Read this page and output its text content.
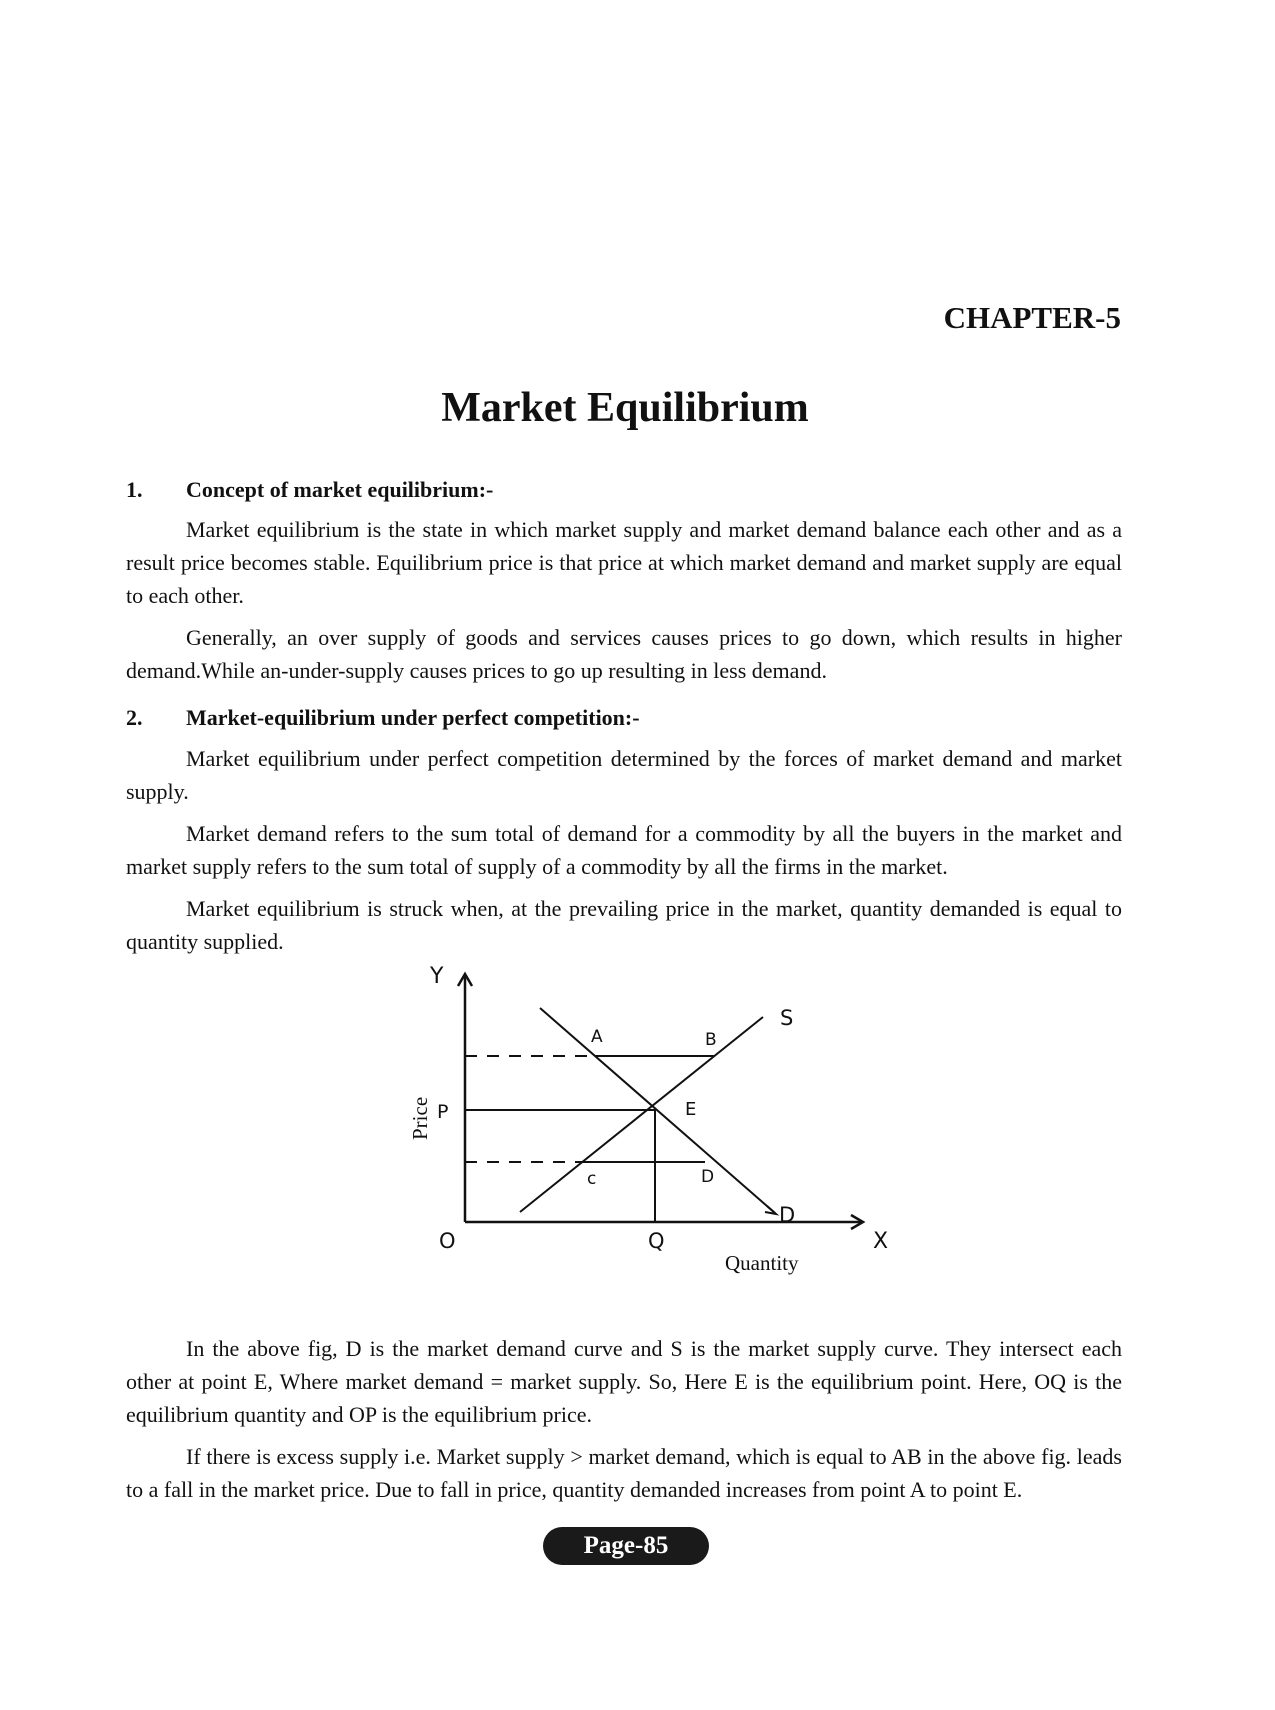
CHAPTER-5
Market Equilibrium
1.	Concept of market equilibrium:-

Market equilibrium is the state in which market supply and market demand balance each other and as a result price becomes stable. Equilibrium price is that price at which market demand and market supply are equal to each other.

Generally, an over supply of goods and services causes prices to go down, which results in higher demand.While an-under-supply causes prices to go up resulting in less demand.

2.	Market-equilibrium under perfect competition:-

Market equilibrium under perfect competition determined by the forces of market demand and market supply.

Market demand refers to the sum total of demand for a commodity by all the buyers in the market and market supply refers to the sum total of supply of a commodity by all the firms in the market.

Market equilibrium is struck when, at the prevailing price in the market, quantity demanded is equal to quantity supplied.

Y
X
O	Q
P
A	B
c	D
E
S
D
Quantity
Price

In the above fig, D is the market demand curve and S is the market supply curve. They intersect each other at point E, Where market demand = market supply. So, Here E is the equilibrium point. Here, OQ is the equilibrium quantity and OP is the equilibrium price.

If there is excess supply i.e. Market supply > market demand, which is equal to AB in the above fig. leads to a fall in the market price. Due to fall in price, quantity demanded increases from point A to point E.

Page-85
